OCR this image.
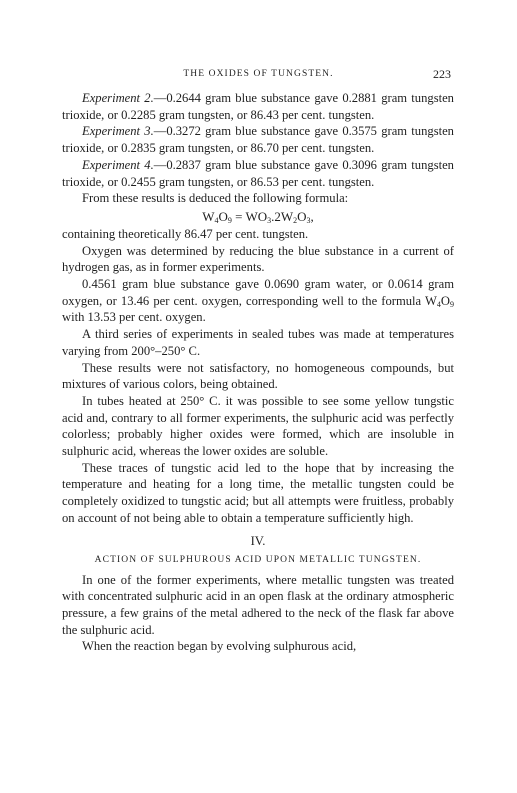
THE OXIDES OF TUNGSTEN.	223

Experiment 2.—0.2644 gram blue substance gave 0.2881 gram tungsten trioxide, or 0.2285 gram tungsten, or 86.43 per cent. tungsten.

Experiment 3.—0.3272 gram blue substance gave 0.3575 gram tungsten trioxide, or 0.2835 gram tungsten, or 86.70 per cent. tungsten.

Experiment 4.—0.2837 gram blue substance gave 0.3096 gram tungsten trioxide, or 0.2455 gram tungsten, or 86.53 per cent. tungsten.

From these results is deduced the following formula:

$W_4O_9 = WO_3.2W_2O_3$,

containing theoretically 86.47 per cent. tungsten.

Oxygen was determined by reducing the blue substance in a current of hydrogen gas, as in former experiments.

0.4561 gram blue substance gave 0.0690 gram water, or 0.0614 gram oxygen, or 13.46 per cent. oxygen, corresponding well to the formula $W_4O_9$ with 13.53 per cent. oxygen.

A third series of experiments in sealed tubes was made at temperatures varying from 200°–250° C.

These results were not satisfactory, no homogeneous compounds, but mixtures of various colors, being obtained.

In tubes heated at 250° C. it was possible to see some yellow tungstic acid and, contrary to all former experiments, the sulphuric acid was perfectly colorless; probably higher oxides were formed, which are insoluble in sulphuric acid, whereas the lower oxides are soluble.

These traces of tungstic acid led to the hope that by increasing the temperature and heating for a long time, the metallic tungsten could be completely oxidized to tungstic acid; but all attempts were fruitless, probably on account of not being able to obtain a temperature sufficiently high.

IV.

ACTION OF SULPHUROUS ACID UPON METALLIC TUNGSTEN.

In one of the former experiments, where metallic tungsten was treated with concentrated sulphuric acid in an open flask at the ordinary atmospheric pressure, a few grains of the metal adhered to the neck of the flask far above the sulphuric acid.

When the reaction began by evolving sulphurous acid,
